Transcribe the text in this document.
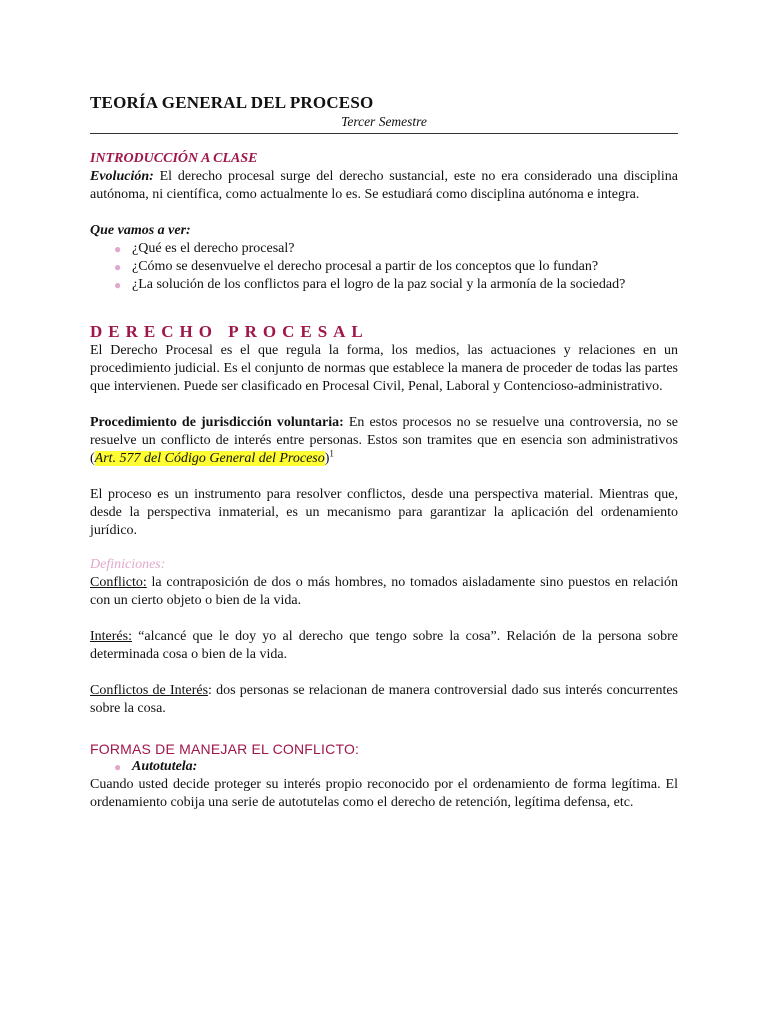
TEORÍA GENERAL DEL PROCESO
Tercer Semestre
INTRODUCCIÓN A CLASE

Evolución: El derecho procesal surge del derecho sustancial, este no era considerado una disciplina autónoma, ni científica, como actualmente lo es. Se estudiará como disciplina autónoma e integra.

Que vamos a ver:

● ¿Qué es el derecho procesal?
● ¿Cómo se desenvuelve el derecho procesal a partir de los conceptos que lo fundan?
● ¿La solución de los conflictos para el logro de la paz social y la armonía de la sociedad?
DERECHO PROCESAL

El Derecho Procesal es el que regula la forma, los medios, las actuaciones y relaciones en un procedimiento judicial. Es el conjunto de normas que establece la manera de proceder de todas las partes que intervienen. Puede ser clasificado en Procesal Civil, Penal, Laboral y Contencioso-administrativo.

Procedimiento de jurisdicción voluntaria: En estos procesos no se resuelve una controversia, no se resuelve un conflicto de interés entre personas. Estos son tramites que en esencia son administrativos (Art. 577 del Código General del Proceso)$^1$

El proceso es un instrumento para resolver conflictos, desde una perspectiva material. Mientras que, desde la perspectiva inmaterial, es un mecanismo para garantizar la aplicación del ordenamiento jurídico.

Definiciones:

Conflicto: la contraposición de dos o más hombres, no tomados aisladamente sino puestos en relación con un cierto objeto o bien de la vida.

Interés: “alcancé que le doy yo al derecho que tengo sobre la cosa”. Relación de la persona sobre determinada cosa o bien de la vida.

Conflictos de Interés: dos personas se relacionan de manera controversial dado sus interés concurrentes sobre la cosa.

FORMAS DE MANEJAR EL CONFLICTO:
● Autotutela:

Cuando usted decide proteger su interés propio reconocido por el ordenamiento de forma legítima. El ordenamiento cobija una serie de autotutelas como el derecho de retención, legítima defensa, etc.
